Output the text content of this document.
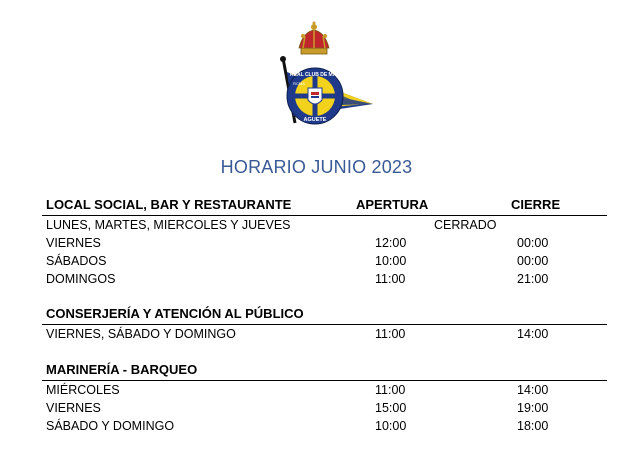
REAL CLUB DE MAR
AGUETE
RCMA
HORARIO JUNIO 2023
LOCAL SOCIAL, BAR Y RESTAURANTE	APERTURA	CIERRE
LUNES, MARTES, MIERCOLES Y JUEVES	CERRADO
VIERNES	12:00	00:00
SÁBADOS	10:00	00:00
DOMINGOS	11:00	21:00
CONSERJERÍA Y ATENCIÓN AL PÚBLICO
VIERNES, SÁBADO Y DOMINGO	11:00	14:00
MARINERÍA - BARQUEO
MIÉRCOLES	11:00	14:00
VIERNES	15:00	19:00
SÁBADO Y DOMINGO	10:00	18:00
